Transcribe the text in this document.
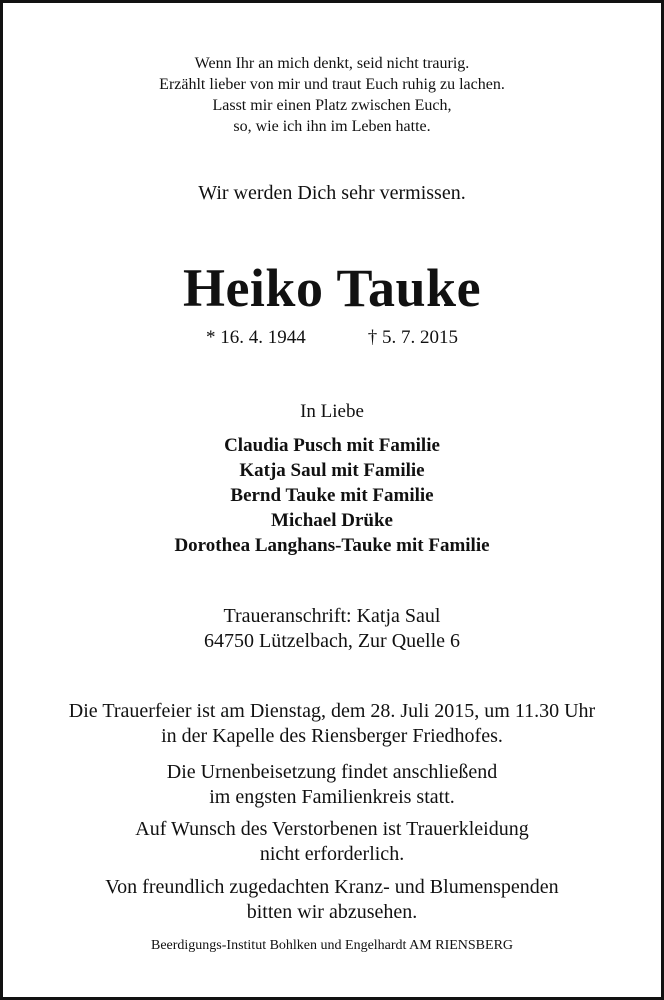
Wenn Ihr an mich denkt, seid nicht traurig.
Erzählt lieber von mir und traut Euch ruhig zu lachen.
Lasst mir einen Platz zwischen Euch,
so, wie ich ihn im Leben hatte.
Wir werden Dich sehr vermissen.
Heiko Tauke
* 16. 4. 1944	† 5. 7. 2015
In Liebe
Claudia Pusch mit Familie
Katja Saul mit Familie
Bernd Tauke mit Familie
Michael Drüke
Dorothea Langhans-Tauke mit Familie
Traueranschrift: Katja Saul
64750 Lützelbach, Zur Quelle 6
Die Trauerfeier ist am Dienstag, dem 28. Juli 2015, um 11.30 Uhr
in der Kapelle des Riensberger Friedhofes.
Die Urnenbeisetzung findet anschließend
im engsten Familienkreis statt.
Auf Wunsch des Verstorbenen ist Trauerkleidung
nicht erforderlich.
Von freundlich zugedachten Kranz- und Blumenspenden
bitten wir abzusehen.
Beerdigungs-Institut Bohlken und Engelhardt AM RIENSBERG
